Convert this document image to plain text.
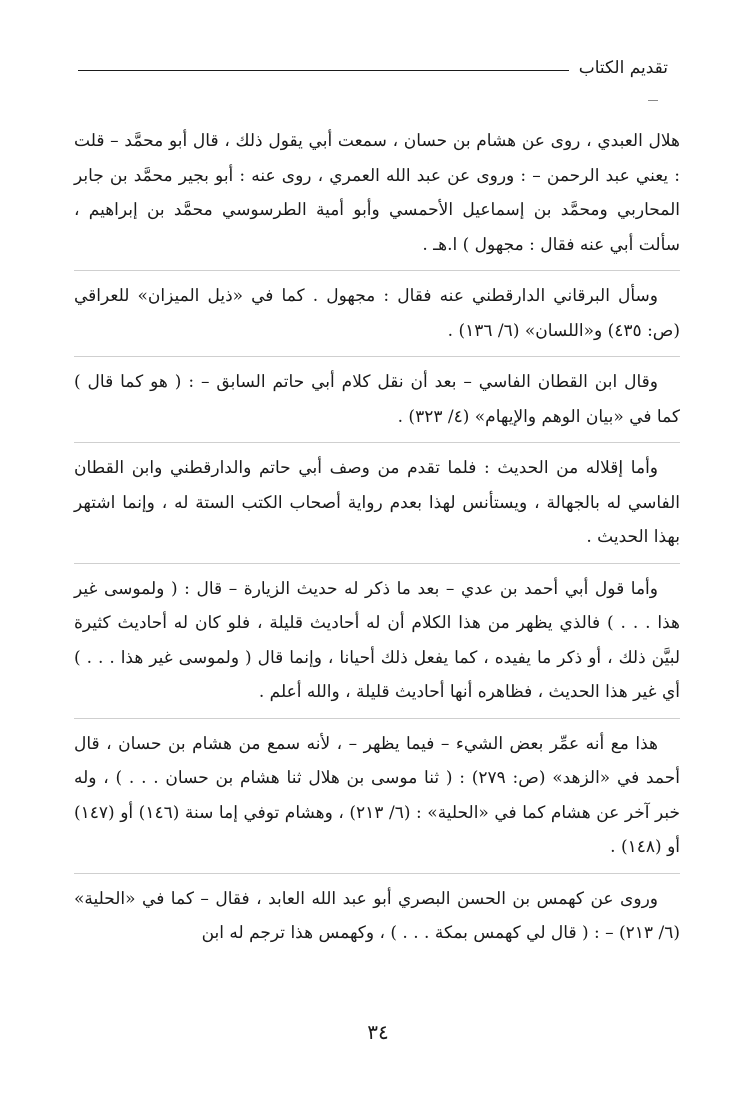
تقديم الكتاب

هلال العبدي ، روى عن هشام بن حسان ، سمعت أبي يقول ذلك ، قال أبو محمَّد – قلت : يعني عبد الرحمن – : وروى عن عبد الله العمري ، روى عنه : أبو بجير محمَّد بن جابر المحاربي ومحمَّد بن إسماعيل الأحمسي وأبو أمية الطرسوسي محمَّد بن إبراهيم ، سألت أبي عنه فقال : مجهول ) ا.هـ .

وسأل البرقاني الدارقطني عنه فقال : مجهول . كما في «ذيل الميزان» للعراقي (ص: ٤٣٥) و«اللسان» (٦/ ١٣٦) .

وقال ابن القطان الفاسي – بعد أن نقل كلام أبي حاتم السابق – : ( هو كما قال ) كما في «بيان الوهم والإيهام» (٤/ ٣٢٣) .

وأما إقلاله من الحديث : فلما تقدم من وصف أبي حاتم والدارقطني وابن القطان الفاسي له بالجهالة ، ويستأنس لهذا بعدم رواية أصحاب الكتب الستة له ، وإنما اشتهر بهذا الحديث .

وأما قول أبي أحمد بن عدي – بعد ما ذكر له حديث الزيارة – قال : ( ولموسى غير هذا . . . ) فالذي يظهر من هذا الكلام أن له أحاديث قليلة ، فلو كان له أحاديث كثيرة لبيَّن ذلك ، أو ذكر ما يفيده ، كما يفعل ذلك أحيانا ، وإنما قال ( ولموسى غير هذا . . . ) أي غير هذا الحديث ، فظاهره أنها أحاديث قليلة ، والله أعلم .

هذا مع أنه عمِّر بعض الشيء – فيما يظهر – ، لأنه سمع من هشام بن حسان ، قال أحمد في «الزهد» (ص: ٢٧٩) : ( ثنا موسى بن هلال ثنا هشام بن حسان . . . ) ، وله خبر آخر عن هشام كما في «الحلية» : (٦/ ٢١٣) ، وهشام توفي إما سنة (١٤٦) أو (١٤٧) أو (١٤٨) .

وروى عن كهمس بن الحسن البصري أبو عبد الله العابد ، فقال – كما في «الحلية» (٦/ ٢١٣) – : ( قال لي كهمس بمكة . . . ) ، وكهمس هذا ترجم له ابن

٣٤
